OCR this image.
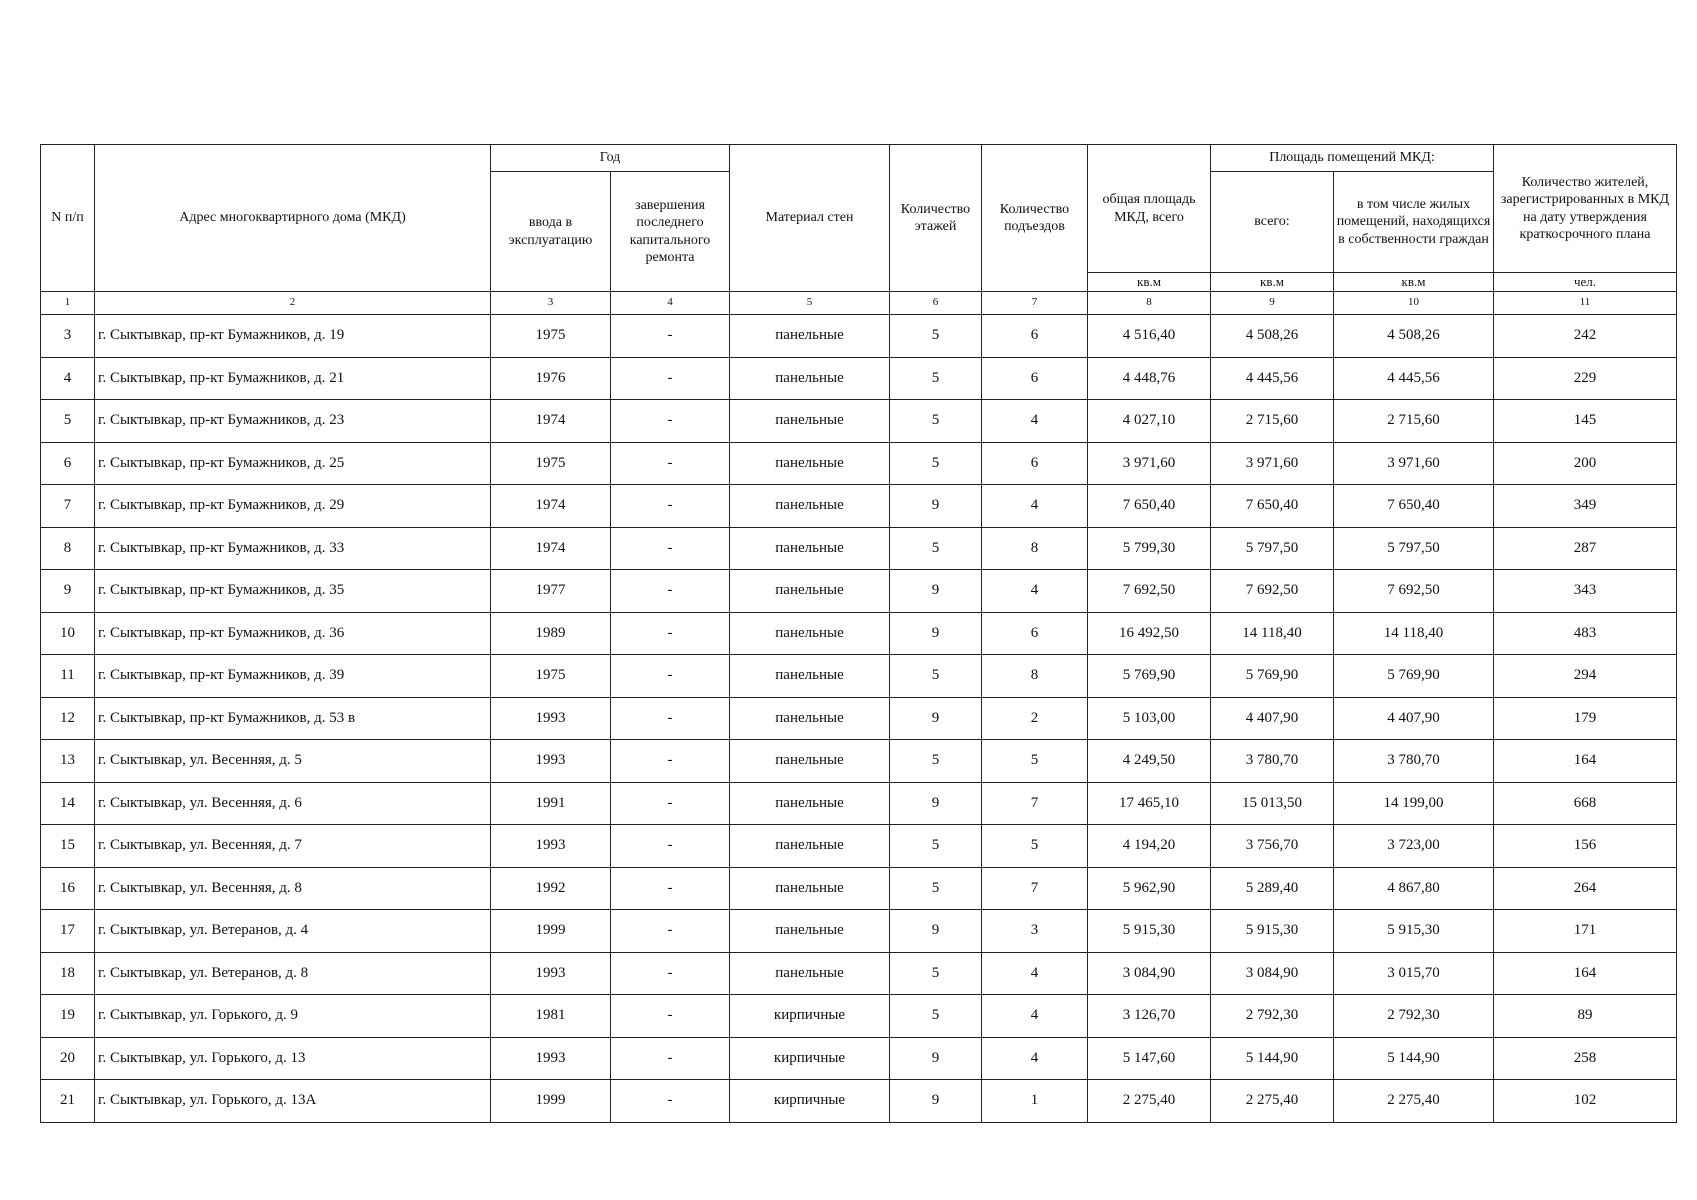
N п/п	Адрес многоквартирного дома (МКД)	Год		Материал стен	Количество этажей	Количество подъездов	общая площадь МКД, всего	Площадь помещений МКД:		Количество жителей, зарегистрированных в МКД на дату утверждения краткосрочного плана
		ввода в эксплуатацию	завершения последнего капитального ремонта					всего:	в том числе жилых помещений, находящихся в собственности граждан	
							кв.м	кв.м	кв.м	чел.
1	2	3	4	5	6	7	8	9	10	11
3	г. Сыктывкар, пр-кт Бумажников, д. 19	1975	-	панельные	5	6	4 516,40	4 508,26	4 508,26	242
4	г. Сыктывкар, пр-кт Бумажников, д. 21	1976	-	панельные	5	6	4 448,76	4 445,56	4 445,56	229
5	г. Сыктывкар, пр-кт Бумажников, д. 23	1974	-	панельные	5	4	4 027,10	2 715,60	2 715,60	145
6	г. Сыктывкар, пр-кт Бумажников, д. 25	1975	-	панельные	5	6	3 971,60	3 971,60	3 971,60	200
7	г. Сыктывкар, пр-кт Бумажников, д. 29	1974	-	панельные	9	4	7 650,40	7 650,40	7 650,40	349
8	г. Сыктывкар, пр-кт Бумажников, д. 33	1974	-	панельные	5	8	5 799,30	5 797,50	5 797,50	287
9	г. Сыктывкар, пр-кт Бумажников, д. 35	1977	-	панельные	9	4	7 692,50	7 692,50	7 692,50	343
10	г. Сыктывкар, пр-кт Бумажников, д. 36	1989	-	панельные	9	6	16 492,50	14 118,40	14 118,40	483
11	г. Сыктывкар, пр-кт Бумажников, д. 39	1975	-	панельные	5	8	5 769,90	5 769,90	5 769,90	294
12	г. Сыктывкар, пр-кт Бумажников, д. 53 в	1993	-	панельные	9	2	5 103,00	4 407,90	4 407,90	179
13	г. Сыктывкар, ул. Весенняя, д. 5	1993	-	панельные	5	5	4 249,50	3 780,70	3 780,70	164
14	г. Сыктывкар, ул. Весенняя, д. 6	1991	-	панельные	9	7	17 465,10	15 013,50	14 199,00	668
15	г. Сыктывкар, ул. Весенняя, д. 7	1993	-	панельные	5	5	4 194,20	3 756,70	3 723,00	156
16	г. Сыктывкар, ул. Весенняя, д. 8	1992	-	панельные	5	7	5 962,90	5 289,40	4 867,80	264
17	г. Сыктывкар, ул. Ветеранов, д. 4	1999	-	панельные	9	3	5 915,30	5 915,30	5 915,30	171
18	г. Сыктывкар, ул. Ветеранов, д. 8	1993	-	панельные	5	4	3 084,90	3 084,90	3 015,70	164
19	г. Сыктывкар, ул. Горького, д. 9	1981	-	кирпичные	5	4	3 126,70	2 792,30	2 792,30	89
20	г. Сыктывкар, ул. Горького, д. 13	1993	-	кирпичные	9	4	5 147,60	5 144,90	5 144,90	258
21	г. Сыктывкар, ул. Горького, д. 13А	1999	-	кирпичные	9	1	2 275,40	2 275,40	2 275,40	102
